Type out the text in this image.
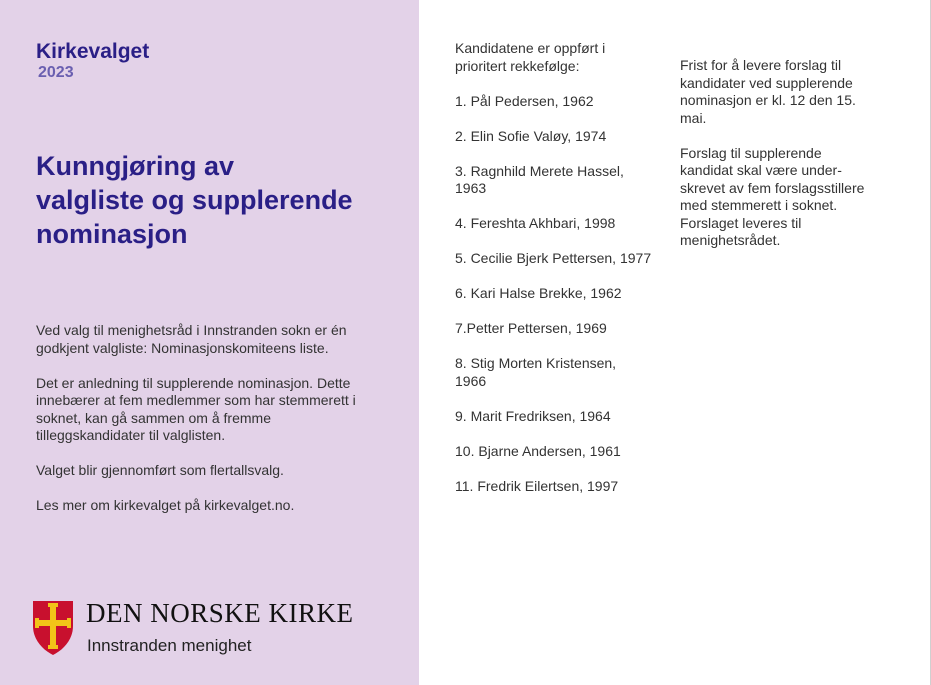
Kirkevalget
2023
Kunngjøring av
valgliste og supplerende
nominasjon

Ved valg til menighetsråd i Innstranden sokn er én
godkjent valgliste: Nominasjonskomiteens liste.

Det er anledning til supplerende nominasjon. Dette
innebærer at fem medlemmer som har stemmerett i
soknet, kan gå sammen om å fremme
tilleggskandidater til valglisten.

Valget blir gjennomført som flertallsvalg.

Les mer om kirkevalget på kirkevalget.no.

DEN NORSKE KIRKE
Innstranden menighet

Kandidatene er oppført i
prioritert rekkefølge:

1. Pål Pedersen, 1962

2. Elin Sofie Valøy, 1974

3. Ragnhild Merete Hassel,
1963

4. Fereshta Akhbari, 1998

5. Cecilie Bjerk Pettersen, 1977

6. Kari Halse Brekke, 1962

7.Petter Pettersen, 1969

8. Stig Morten Kristensen,
1966

9. Marit Fredriksen, 1964

10. Bjarne Andersen, 1961

11. Fredrik Eilertsen, 1997

Frist for å levere forslag til
kandidater ved supplerende
nominasjon er kl. 12 den 15.
mai.

Forslag til supplerende
kandidat skal være under-
skrevet av fem forslagsstillere
med stemmerett i soknet.
Forslaget leveres til
menighetsrådet.
